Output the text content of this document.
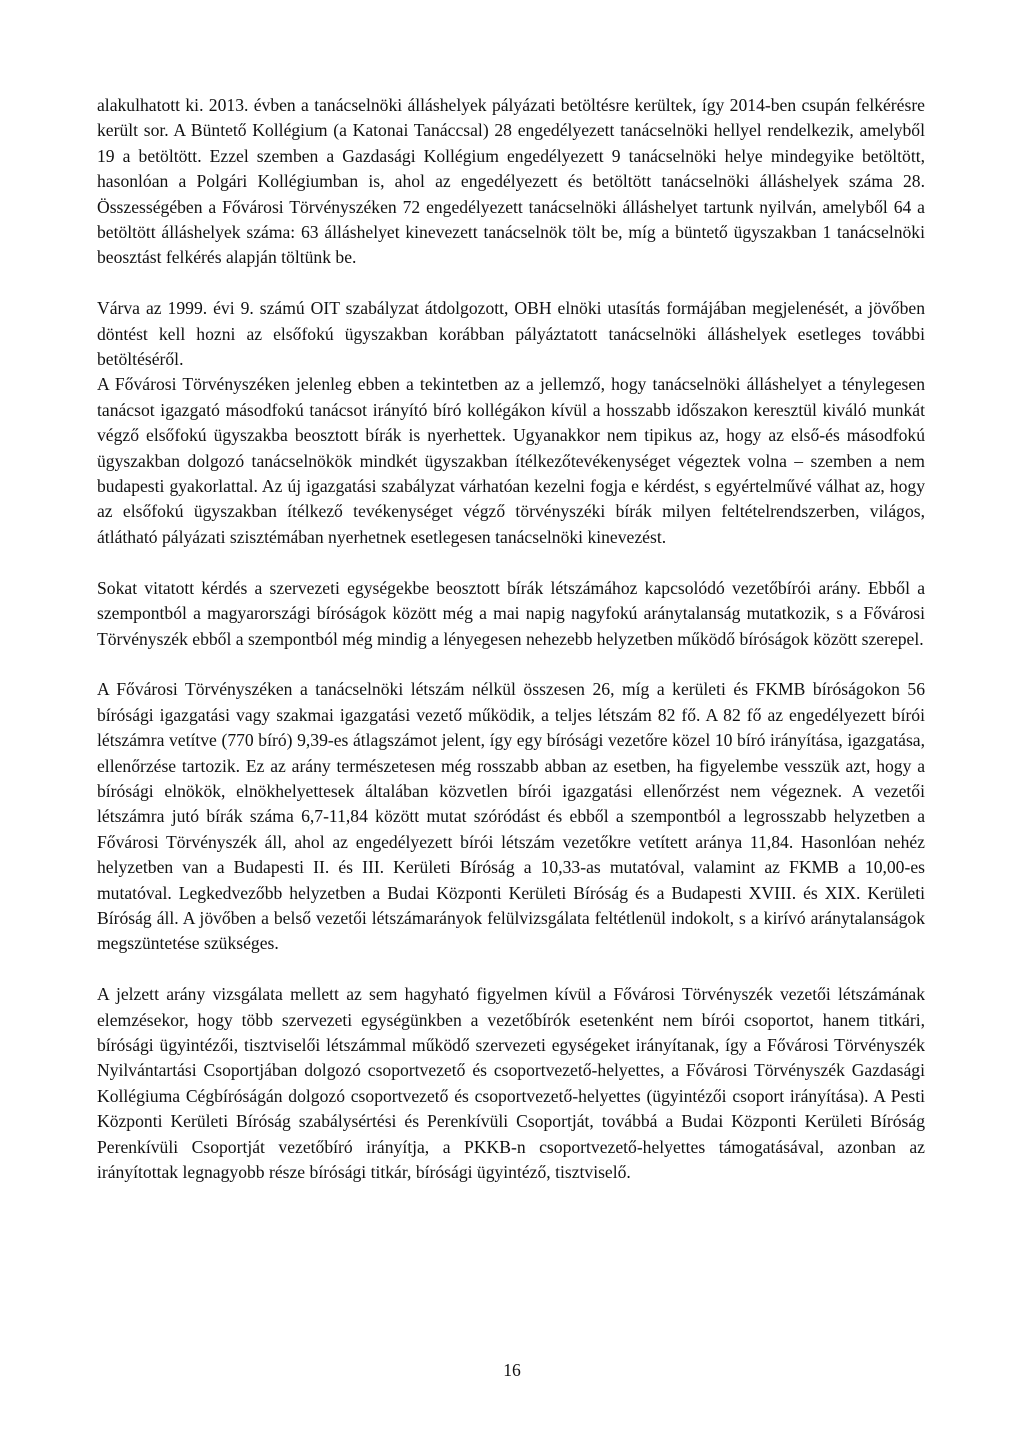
alakulhatott ki. 2013. évben a tanácselnöki álláshelyek pályázati betöltésre kerültek, így 2014-ben csupán felkérésre került sor. A Büntető Kollégium (a Katonai Tanáccsal) 28 engedélyezett tanácselnöki hellyel rendelkezik, amelyből 19 a betöltött. Ezzel szemben a Gazdasági Kollégium engedélyezett 9 tanácselnöki helye mindegyike betöltött, hasonlóan a Polgári Kollégiumban is, ahol az engedélyezett és betöltött tanácselnöki álláshelyek száma 28. Összességében a Fővárosi Törvényszéken 72 engedélyezett tanácselnöki álláshelyet tartunk nyilván, amelyből 64 a betöltött álláshelyek száma: 63 álláshelyet kinevezett tanácselnök tölt be, míg a büntető ügyszakban 1 tanácselnöki beosztást felkérés alapján töltünk be.

Várva az 1999. évi 9. számú OIT szabályzat átdolgozott, OBH elnöki utasítás formájában megjelenését, a jövőben döntést kell hozni az elsőfokú ügyszakban korábban pályáztatott tanácselnöki álláshelyek esetleges további betöltéséről.

A Fővárosi Törvényszéken jelenleg ebben a tekintetben az a jellemző, hogy tanácselnöki álláshelyet a ténylegesen tanácsot igazgató másodfokú tanácsot irányító bíró kollégákon kívül a hosszabb időszakon keresztül kiváló munkát végző elsőfokú ügyszakba beosztott bírák is nyerhettek. Ugyanakkor nem tipikus az, hogy az első-és másodfokú ügyszakban dolgozó tanácselnökök mindkét ügyszakban ítélkezőtevékenységet végeztek volna – szemben a nem budapesti gyakorlattal. Az új igazgatási szabályzat várhatóan kezelni fogja e kérdést, s egyértelművé válhat az, hogy az elsőfokú ügyszakban ítélkező tevékenységet végző törvényszéki bírák milyen feltételrendszerben, világos, átlátható pályázati szisztémában nyerhetnek esetlegesen tanácselnöki kinevezést.

Sokat vitatott kérdés a szervezeti egységekbe beosztott bírák létszámához kapcsolódó vezetőbírói arány. Ebből a szempontból a magyarországi bíróságok között még a mai napig nagyfokú aránytalanság mutatkozik, s a Fővárosi Törvényszék ebből a szempontból még mindig a lényegesen nehezebb helyzetben működő bíróságok között szerepel.

A Fővárosi Törvényszéken a tanácselnöki létszám nélkül összesen 26, míg a kerületi és FKMB bíróságokon 56 bírósági igazgatási vagy szakmai igazgatási vezető működik, a teljes létszám 82 fő. A 82 fő az engedélyezett bírói létszámra vetítve (770 bíró) 9,39-es átlagszámot jelent, így egy bírósági vezetőre közel 10 bíró irányítása, igazgatása, ellenőrzése tartozik. Ez az arány természetesen még rosszabb abban az esetben, ha figyelembe vesszük azt, hogy a bírósági elnökök, elnökhelyettesek általában közvetlen bírói igazgatási ellenőrzést nem végeznek. A vezetői létszámra jutó bírák száma 6,7-11,84 között mutat szóródást és ebből a szempontból a legrosszabb helyzetben a Fővárosi Törvényszék áll, ahol az engedélyezett bírói létszám vezetőkre vetített aránya 11,84. Hasonlóan nehéz helyzetben van a Budapesti II. és III. Kerületi Bíróság a 10,33-as mutatóval, valamint az FKMB a 10,00-es mutatóval. Legkedvezőbb helyzetben a Budai Központi Kerületi Bíróság és a Budapesti XVIII. és XIX. Kerületi Bíróság áll. A jövőben a belső vezetői létszámarányok felülvizsgálata feltétlenül indokolt, s a kirívó aránytalanságok megszüntetése szükséges.

A jelzett arány vizsgálata mellett az sem hagyható figyelmen kívül a Fővárosi Törvényszék vezetői létszámának elemzésekor, hogy több szervezeti egységünkben a vezetőbírók esetenként nem bírói csoportot, hanem titkári, bírósági ügyintézői, tisztviselői létszámmal működő szervezeti egységeket irányítanak, így a Fővárosi Törvényszék Nyilvántartási Csoportjában dolgozó csoportvezető és csoportvezető-helyettes, a Fővárosi Törvényszék Gazdasági Kollégiuma Cégbíróságán dolgozó csoportvezető és csoportvezető-helyettes (ügyintézői csoport irányítása). A Pesti Központi Kerületi Bíróság szabálysértési és Perenkívüli Csoportját, továbbá a Budai Központi Kerületi Bíróság Perenkívüli Csoportját vezetőbíró irányítja, a PKKB-n csoportvezető-helyettes támogatásával, azonban az irányítottak legnagyobb része bírósági titkár, bírósági ügyintéző, tisztviselő.

16
